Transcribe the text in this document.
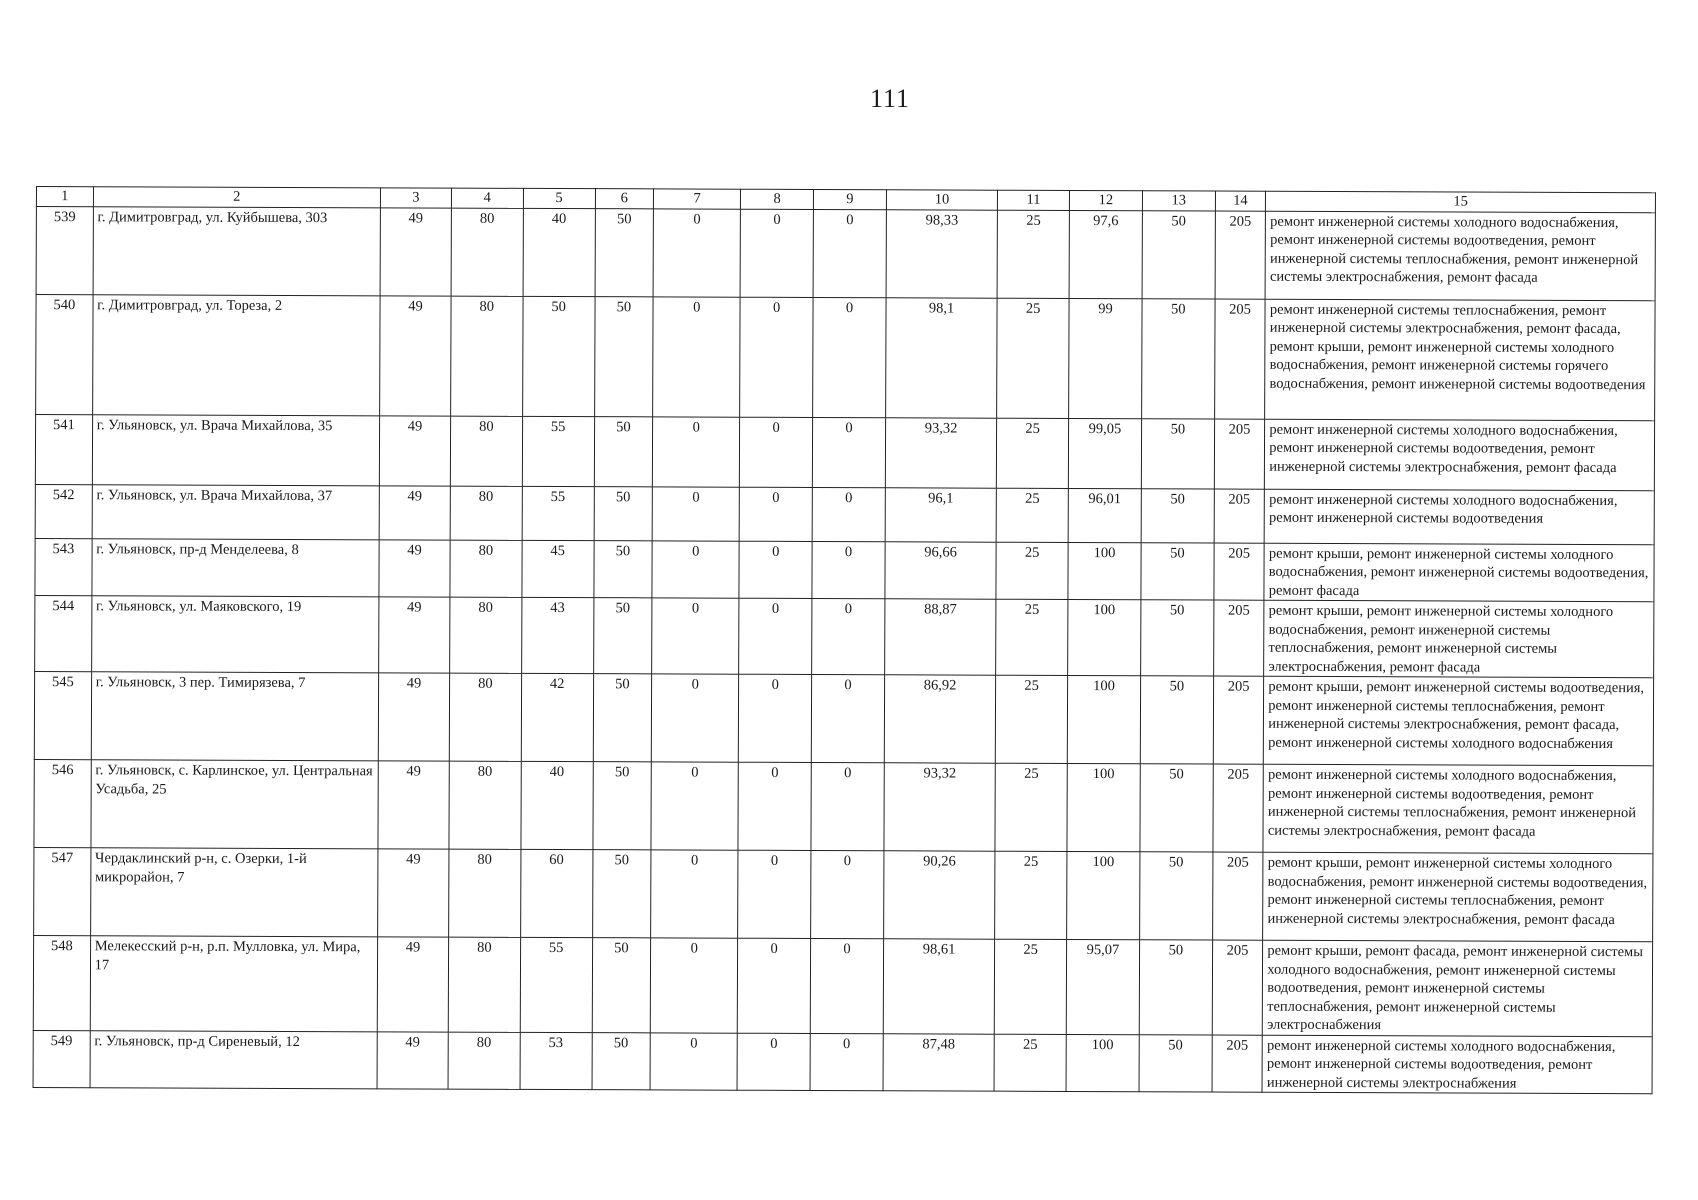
111
1	2	3	4	5	6	7	8	9	10	11	12	13	14	15
539	г. Димитровград, ул. Куйбышева, 303	49	80	40	50	0	0	0	98,33	25	97,6	50	205	ремонт инженерной системы холодного водоснабжения, ремонт инженерной системы водоотведения, ремонт инженерной системы теплоснабжения, ремонт инженерной системы электроснабжения, ремонт фасада
540	г. Димитровград, ул. Тореза, 2	49	80	50	50	0	0	0	98,1	25	99	50	205	ремонт инженерной системы теплоснабжения, ремонт инженерной системы электроснабжения, ремонт фасада, ремонт крыши, ремонт инженерной системы холодного водоснабжения, ремонт инженерной системы горячего водоснабжения, ремонт инженерной системы водоотведения
541	г. Ульяновск, ул. Врача Михайлова, 35	49	80	55	50	0	0	0	93,32	25	99,05	50	205	ремонт инженерной системы холодного водоснабжения, ремонт инженерной системы водоотведения, ремонт инженерной системы электроснабжения, ремонт фасада
542	г. Ульяновск, ул. Врача Михайлова, 37	49	80	55	50	0	0	0	96,1	25	96,01	50	205	ремонт инженерной системы холодного водоснабжения, ремонт инженерной системы водоотведения
543	г. Ульяновск, пр-д Менделеева, 8	49	80	45	50	0	0	0	96,66	25	100	50	205	ремонт крыши, ремонт инженерной системы холодного водоснабжения, ремонт инженерной системы водоотведения, ремонт фасада
544	г. Ульяновск, ул. Маяковского, 19	49	80	43	50	0	0	0	88,87	25	100	50	205	ремонт крыши, ремонт инженерной системы холодного водоснабжения, ремонт инженерной системы теплоснабжения, ремонт инженерной системы электроснабжения, ремонт фасада
545	г. Ульяновск, 3 пер. Тимирязева, 7	49	80	42	50	0	0	0	86,92	25	100	50	205	ремонт крыши, ремонт инженерной системы водоотведения, ремонт инженерной системы теплоснабжения, ремонт инженерной системы электроснабжения, ремонт фасада, ремонт инженерной системы холодного водоснабжения
546	г. Ульяновск, с. Карлинское, ул. Центральная Усадьба, 25	49	80	40	50	0	0	0	93,32	25	100	50	205	ремонт инженерной системы холодного водоснабжения, ремонт инженерной системы водоотведения, ремонт инженерной системы теплоснабжения, ремонт инженерной системы электроснабжения, ремонт фасада
547	Чердаклинский р-н, с. Озерки, 1-й микрорайон, 7	49	80	60	50	0	0	0	90,26	25	100	50	205	ремонт крыши, ремонт инженерной системы холодного водоснабжения, ремонт инженерной системы водоотведения, ремонт инженерной системы теплоснабжения, ремонт инженерной системы электроснабжения, ремонт фасада
548	Мелекесский р-н, р.п. Мулловка, ул. Мира, 17	49	80	55	50	0	0	0	98,61	25	95,07	50	205	ремонт крыши, ремонт фасада, ремонт инженерной системы холодного водоснабжения, ремонт инженерной системы водоотведения, ремонт инженерной системы теплоснабжения, ремонт инженерной системы электроснабжения
549	г. Ульяновск, пр-д Сиреневый, 12	49	80	53	50	0	0	0	87,48	25	100	50	205	ремонт инженерной системы холодного водоснабжения, ремонт инженерной системы водоотведения, ремонт инженерной системы электроснабжения
